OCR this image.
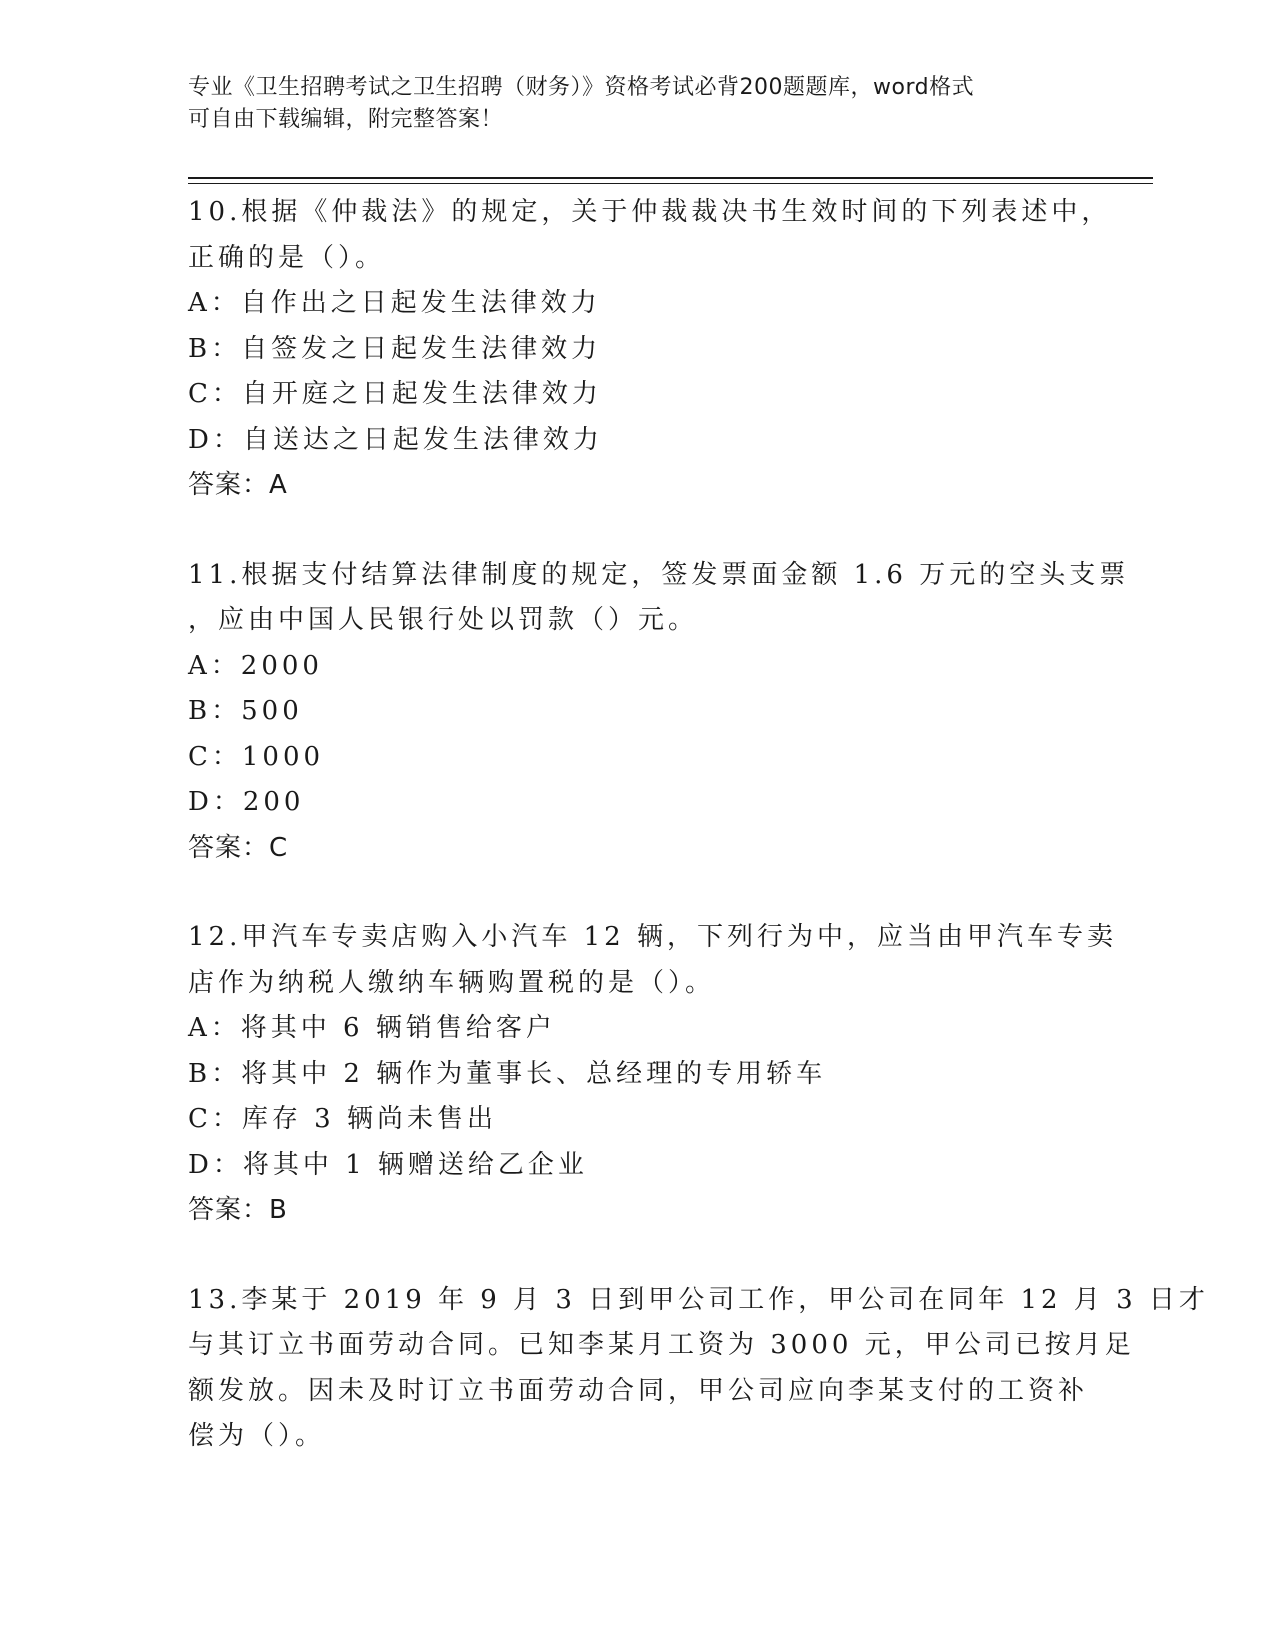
专业《卫生招聘考试之卫生招聘（财务）》资格考试必背200题题库，word格式
可自由下载编辑，附完整答案！
10.根据《仲裁法》的规定，关于仲裁裁决书生效时间的下列表述中，
正确的是（）。
A：自作出之日起发生法律效力
B：自签发之日起发生法律效力
C：自开庭之日起发生法律效力
D：自送达之日起发生法律效力
答案：A
11.根据支付结算法律制度的规定，签发票面金额 1.6 万元的空头支票
，应由中国人民银行处以罚款（）元。
A：2000
B：500
C：1000
D：200
答案：C
12.甲汽车专卖店购入小汽车 12 辆，下列行为中，应当由甲汽车专卖
店作为纳税人缴纳车辆购置税的是（）。
A：将其中 6 辆销售给客户
B：将其中 2 辆作为董事长、总经理的专用轿车
C：库存 3 辆尚未售出
D：将其中 1 辆赠送给乙企业
答案：B
13.李某于 2019 年 9 月 3 日到甲公司工作，甲公司在同年 12 月 3 日才
与其订立书面劳动合同。已知李某月工资为 3000 元，甲公司已按月足
额发放。因未及时订立书面劳动合同，甲公司应向李某支付的工资补
偿为（）。
